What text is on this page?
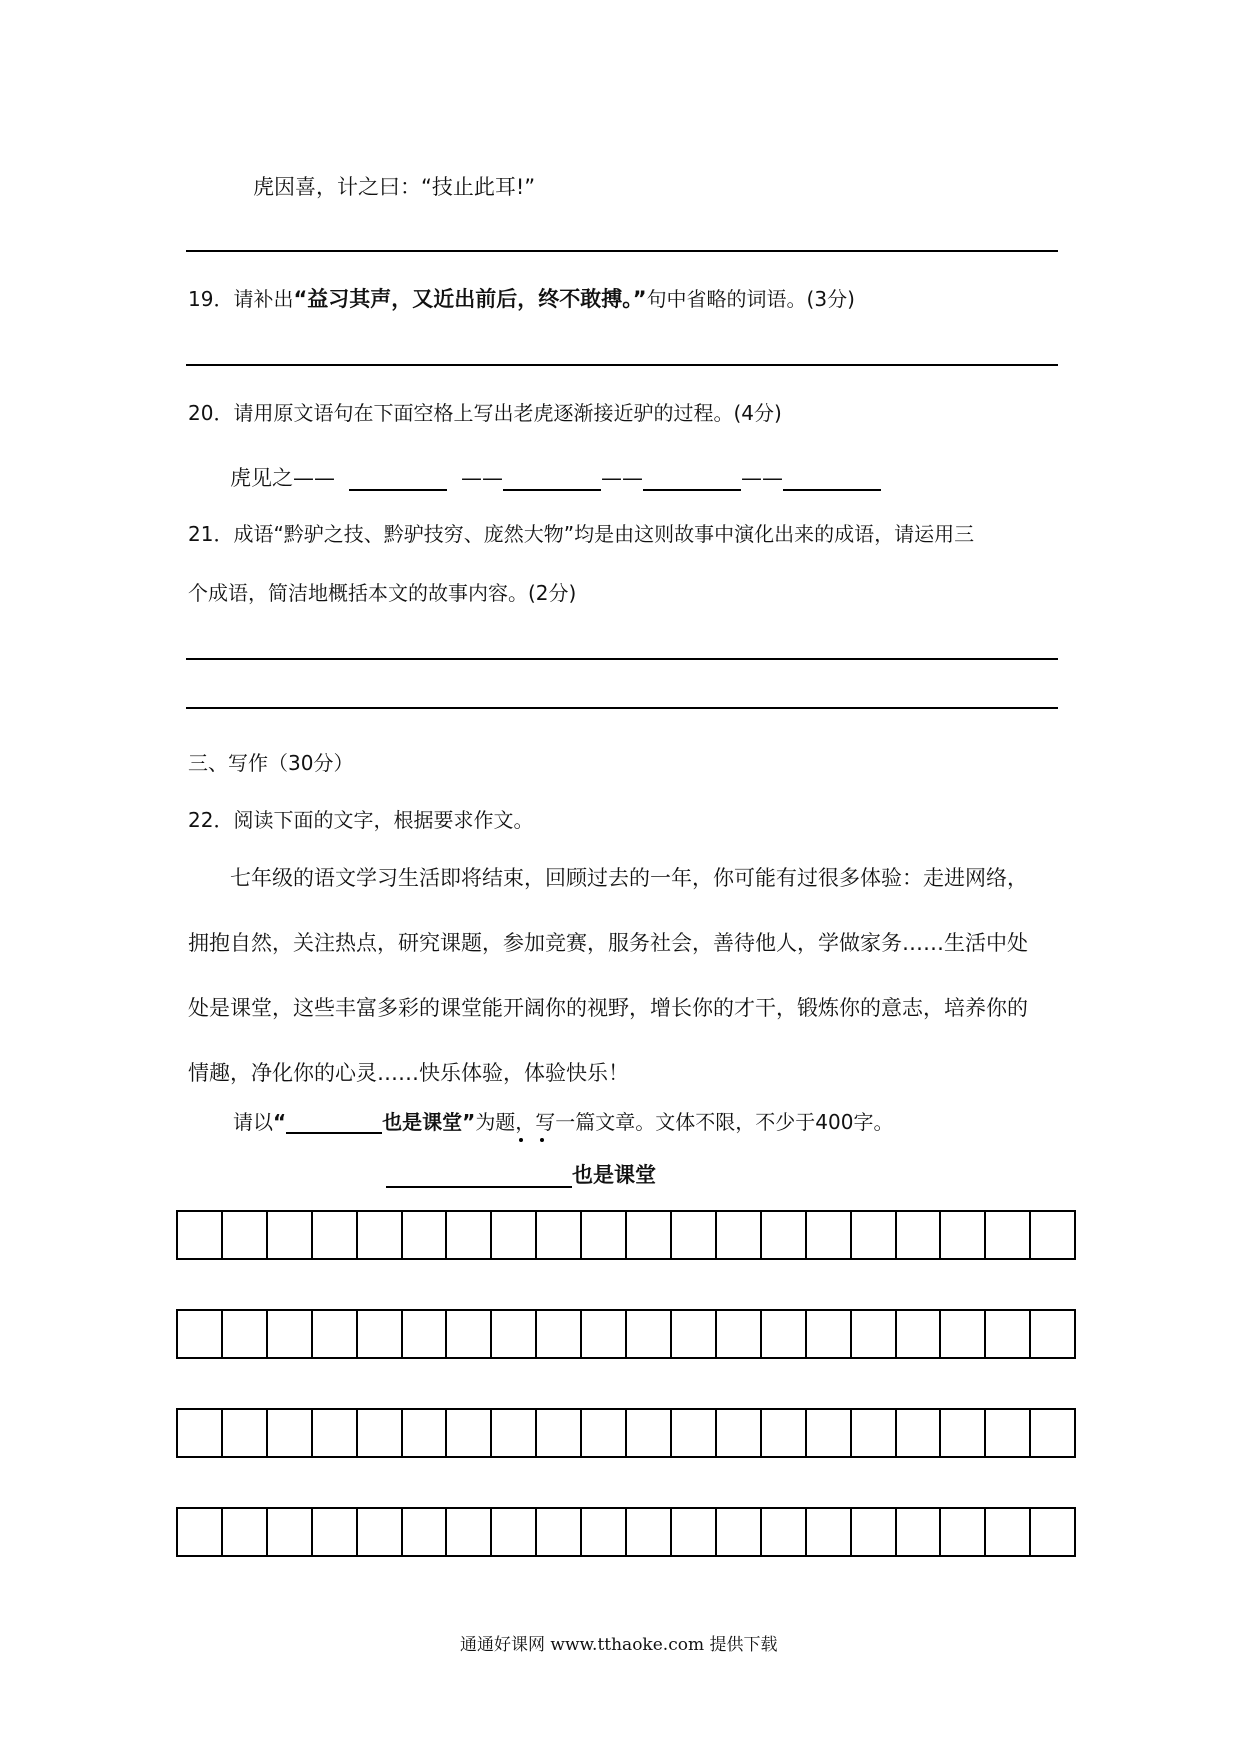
虎因喜，计之曰：“技止此耳!”
19．请补出“益习其声，又近出前后，终不敢搏。”句中省略的词语。(3分)
20．请用原文语句在下面空格上写出老虎逐渐接近驴的过程。(4分)
虎见之——	——	——	——
21．成语“黔驴之技、黔驴技穷、庞然大物”均是由这则故事中演化出来的成语，请运用三
个成语，简洁地概括本文的故事内容。(2分)
三、写作（30分）
22．阅读下面的文字，根据要求作文。
七年级的语文学习生活即将结束，回顾过去的一年，你可能有过很多体验：走进网络，
拥抱自然，关注热点，研究课题，参加竞赛，服务社会，善待他人，学做家务……生活中处
处是课堂，这些丰富多彩的课堂能开阔你的视野，增长你的才干，锻炼你的意志，培养你的
情趣，净化你的心灵……快乐体验，体验快乐！
请以“	也是课堂”为题，写一篇文章。文体不限，不少于400字。
也是课堂
通通好课网 www.tthaoke.com 提供下载
